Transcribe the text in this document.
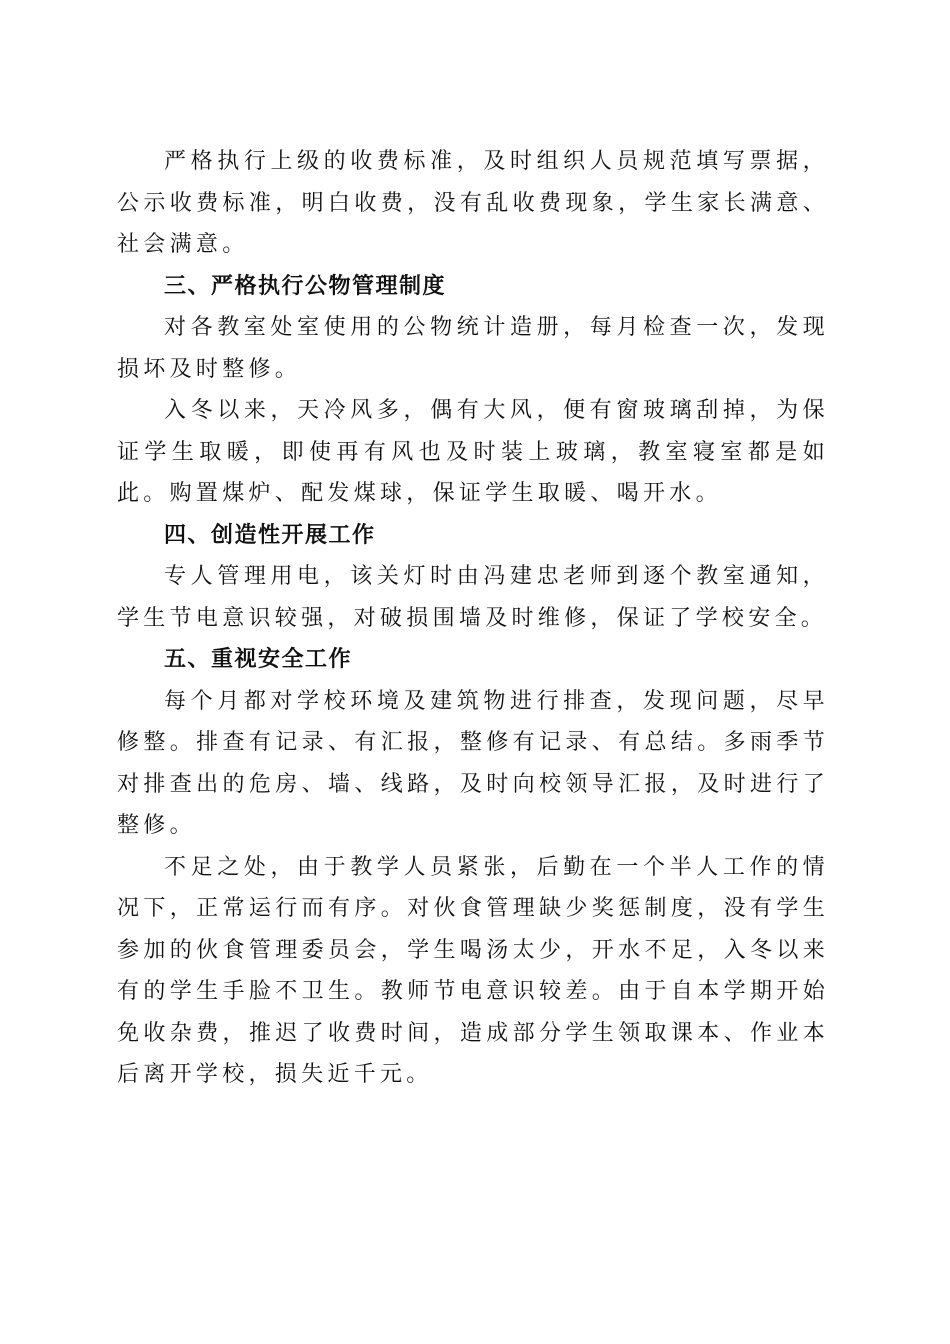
严格执行上级的收费标准，及时组织人员规范填写票据，公示收费标准，明白收费，没有乱收费现象，学生家长满意、社会满意。

三、严格执行公物管理制度

对各教室处室使用的公物统计造册，每月检查一次，发现损坏及时整修。

入冬以来，天冷风多，偶有大风，便有窗玻璃刮掉，为保证学生取暖，即使再有风也及时装上玻璃，教室寝室都是如此。购置煤炉、配发煤球，保证学生取暖、喝开水。

四、创造性开展工作

专人管理用电，该关灯时由冯建忠老师到逐个教室通知，学生节电意识较强，对破损围墙及时维修，保证了学校安全。

五、重视安全工作

每个月都对学校环境及建筑物进行排查，发现问题，尽早修整。排查有记录、有汇报，整修有记录、有总结。多雨季节对排查出的危房、墙、线路，及时向校领导汇报，及时进行了整修。

不足之处，由于教学人员紧张，后勤在一个半人工作的情况下，正常运行而有序。对伙食管理缺少奖惩制度，没有学生参加的伙食管理委员会，学生喝汤太少，开水不足，入冬以来有的学生手脸不卫生。教师节电意识较差。由于自本学期开始免收杂费，推迟了收费时间，造成部分学生领取课本、作业本后离开学校，损失近千元。
